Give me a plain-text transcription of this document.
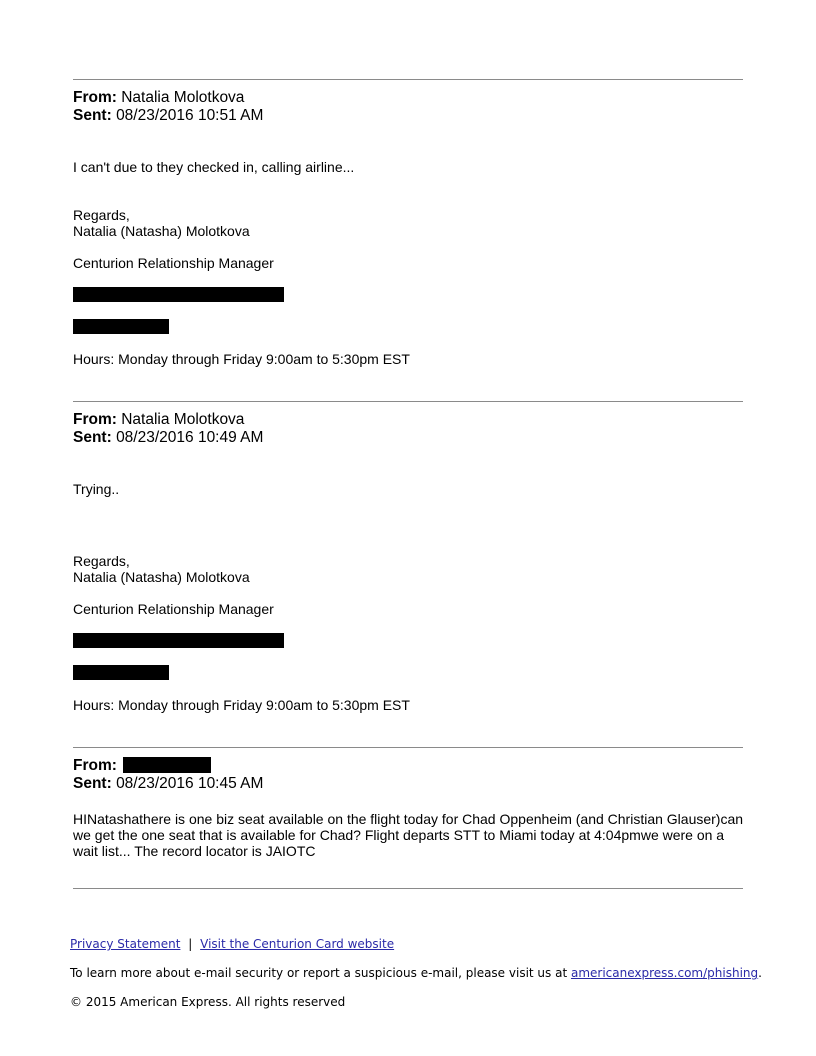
From: Natalia Molotkova
Sent: 08/23/2016 10:51 AM
I can't due to they checked in, calling airline...
Regards,
Natalia (Natasha) Molotkova
Centurion Relationship Manager
Hours: Monday through Friday 9:00am to 5:30pm EST
From: Natalia Molotkova
Sent: 08/23/2016 10:49 AM
Trying..
Regards,
Natalia (Natasha) Molotkova
Centurion Relationship Manager
Hours: Monday through Friday 9:00am to 5:30pm EST
From:
Sent: 08/23/2016 10:45 AM
HINatashathere is one biz seat available on the flight today for Chad Oppenheim (and Christian Glauser)can we get the one seat that is available for Chad? Flight departs STT to Miami today at 4:04pmwe were on a wait list... The record locator is JAIOTC
Privacy Statement | Visit the Centurion Card website
To learn more about e-mail security or report a suspicious e-mail, please visit us at americanexpress.com/phishing.
© 2015 American Express. All rights reserved
